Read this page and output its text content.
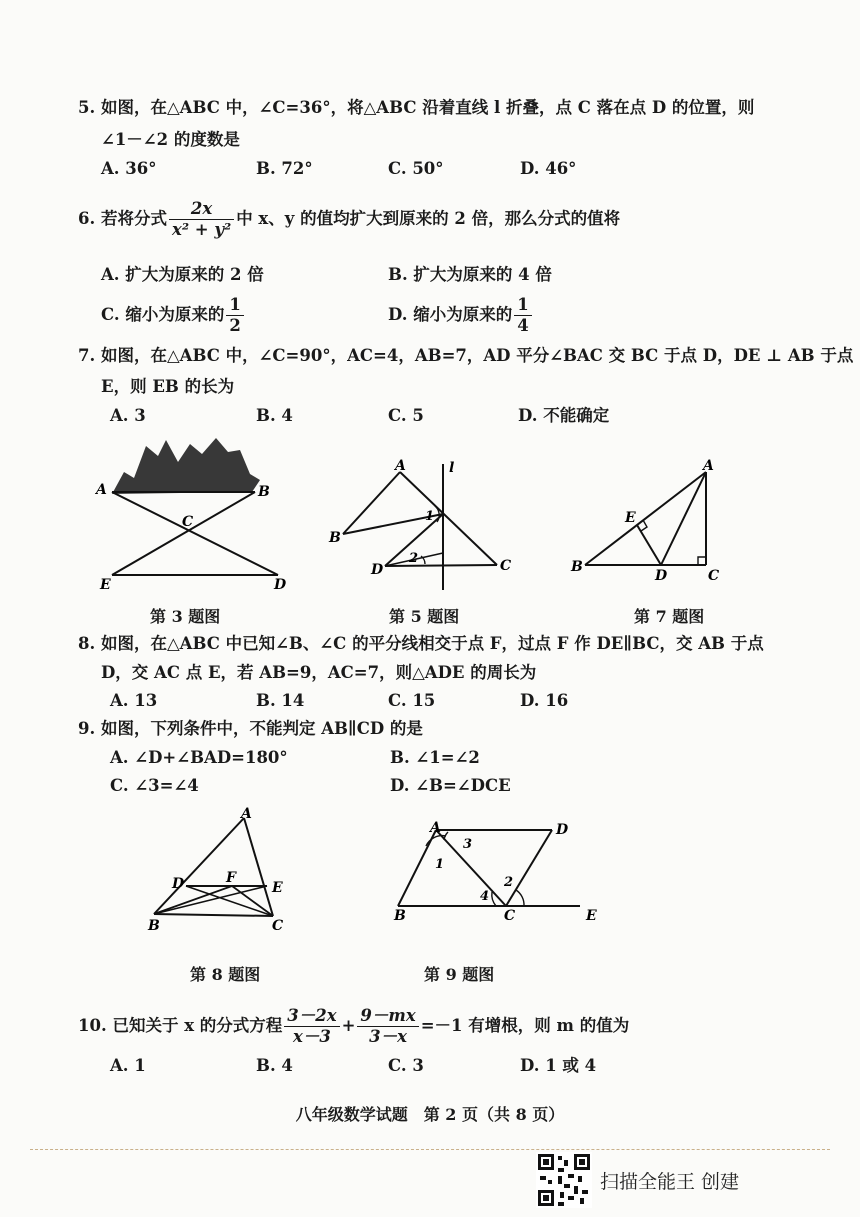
5. 如图，在△ABC 中，∠C=36°，将△ABC 沿着直线 l 折叠，点 C 落在点 D 的位置，则
∠1－∠2 的度数是
A. 36°	B. 72°	C. 50°	D. 46°
6. 若将分式 $\frac{2x}{\text{x² + y²}}$ 中 x、y 的值均扩大到原来的 2 倍，那么分式的值将
A. 扩大为原来的 2 倍	B. 扩大为原来的 4 倍
C. 缩小为原来的 $\frac{1}{2}$	D. 缩小为原来的 $\frac{1}{4}$
7. 如图，在△ABC 中，∠C=90°，AC=4，AB=7，AD 平分∠BAC 交 BC 于点 D，DE ⊥ AB 于点
E，则 EB 的长为
A. 3	B. 4	C. 5	D. 不能确定
A	B
C
E	D
A	l
1
B
2
D	C
A
E
B
D	C
第 3 题图	第 5 题图	第 7 题图
8. 如图，在△ABC 中已知∠B、∠C 的平分线相交于点 F，过点 F 作 DE∥BC，交 AB 于点
D，交 AC 点 E，若 AB=9，AC=7，则△ADE 的周长为
A. 13	B. 14	C. 15	D. 16
9. 如图，下列条件中，不能判定 AB∥CD 的是
A. ∠D+∠BAD=180°	B. ∠1=∠2
C. ∠3=∠4	D. ∠B=∠DCE
A
D	F
E
B	C
A	D
3
1
4
2
B	C	E
第 8 题图	第 9 题图
10. 已知关于 x 的分式方程 $\frac{3-2x}{x-3} + \frac{9-mx}{3-x} =-1$ 有增根，则 m 的值为
A. 1	B. 4	C. 3	D. 1 或 4
八年级数学试题　第 2 页（共 8 页）
扫描全能王 创建
